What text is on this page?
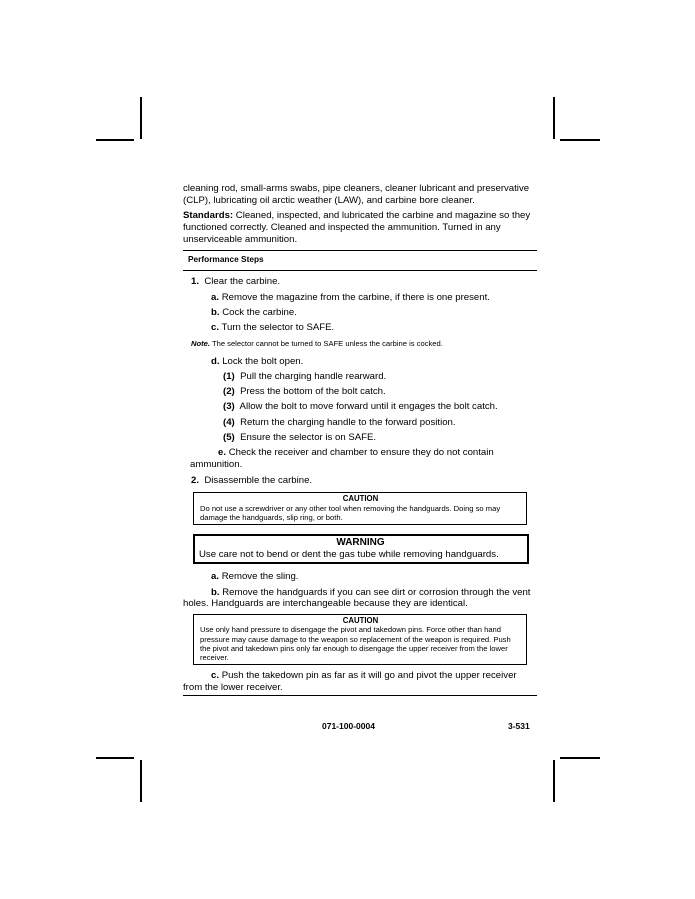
cleaning rod, small-arms swabs, pipe cleaners, cleaner lubricant and preservative (CLP), lubricating oil arctic weather (LAW), and carbine bore cleaner.

Standards: Cleaned, inspected, and lubricated the carbine and magazine so they functioned correctly. Cleaned and inspected the ammunition. Turned in any unserviceable ammunition.

Performance Steps

1. Clear the carbine.

a. Remove the magazine from the carbine, if there is one present.

b. Cock the carbine.

c. Turn the selector to SAFE.

Note. The selector cannot be turned to SAFE unless the carbine is cocked.

d. Lock the bolt open.

(1) Pull the charging handle rearward.

(2) Press the bottom of the bolt catch.

(3) Allow the bolt to move forward until it engages the bolt catch.

(4) Return the charging handle to the forward position.

(5) Ensure the selector is on SAFE.

e. Check the receiver and chamber to ensure they do not contain ammunition.

2. Disassemble the carbine.

CAUTION
Do not use a screwdriver or any other tool when removing the handguards. Doing so may damage the handguards, slip ring, or both.
WARNING
Use care not to bend or dent the gas tube while removing handguards.

a. Remove the sling.

b. Remove the handguards if you can see dirt or corrosion through the vent holes. Handguards are interchangeable because they are identical.

CAUTION
Use only hand pressure to disengage the pivot and takedown pins. Force other than hand pressure may cause damage to the weapon so replacement of the weapon is required. Push the pivot and takedown pins only far enough to disengage the upper receiver from the lower receiver.

c. Push the takedown pin as far as it will go and pivot the upper receiver from the lower receiver.

071-100-0004	3-531
